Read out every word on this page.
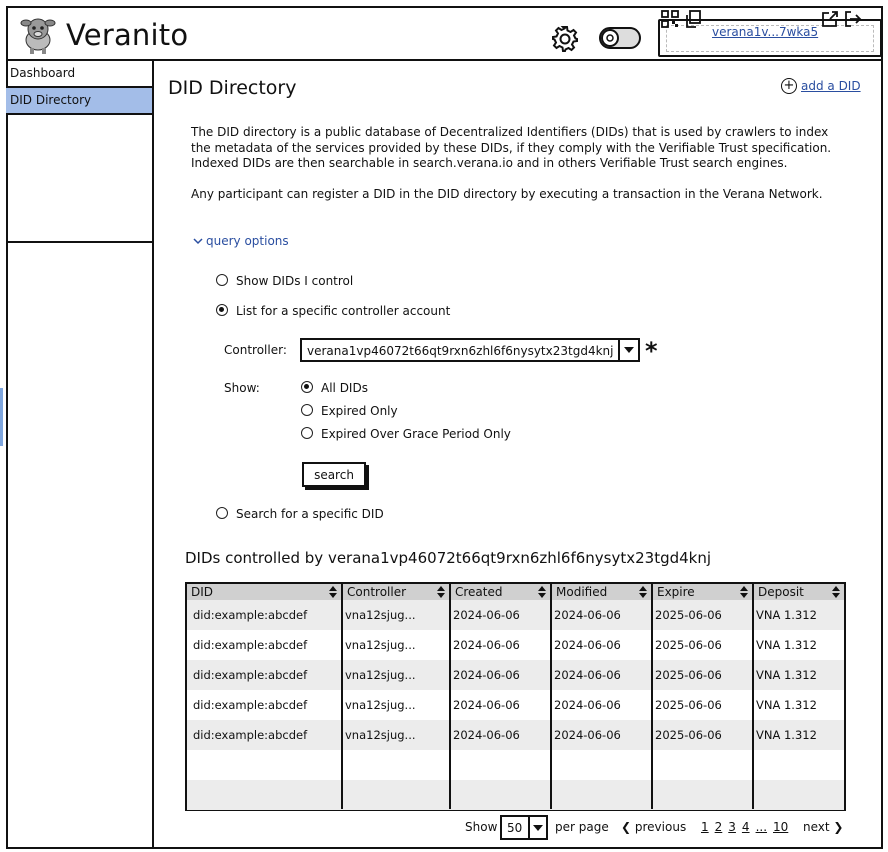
Veranito	verana1v...7wka5
Dashboard
DID Directory
DID Directory	+ add a DID
The DID directory is a public database of Decentralized Identifiers (DIDs) that is used by crawlers to index the metadata of the services provided by these DIDs, if they comply with the Verifiable Trust specification. Indexed DIDs are then searchable in search.verana.io and in others Verifiable Trust search engines.
Any participant can register a DID in the DID directory by executing a transaction in the Verana Network.
query options
Show DIDs I control
List for a specific controller account
Controller: verana1vp46072t66qt9rxn6zhl6f6nysytx23tgd4knj *
Show:	All DIDs
Expired Only
Expired Over Grace Period Only
search
Search for a specific DID
DIDs controlled by verana1vp46072t66qt9rxn6zhl6f6nysytx23tgd4knj
DID	Controller	Created	Modified	Expire	Deposit
did:example:abcdef	vna12sjug...	2024-06-06	2024-06-06	2025-06-06	VNA 1.312
did:example:abcdef	vna12sjug...	2024-06-06	2024-06-06	2025-06-06	VNA 1.312
did:example:abcdef	vna12sjug...	2024-06-06	2024-06-06	2025-06-06	VNA 1.312
did:example:abcdef	vna12sjug...	2024-06-06	2024-06-06	2025-06-06	VNA 1.312
did:example:abcdef	vna12sjug...	2024-06-06	2024-06-06	2025-06-06	VNA 1.312
Show 50	per page ❮ previous 1 2 3 4 ... 10	next ❯
